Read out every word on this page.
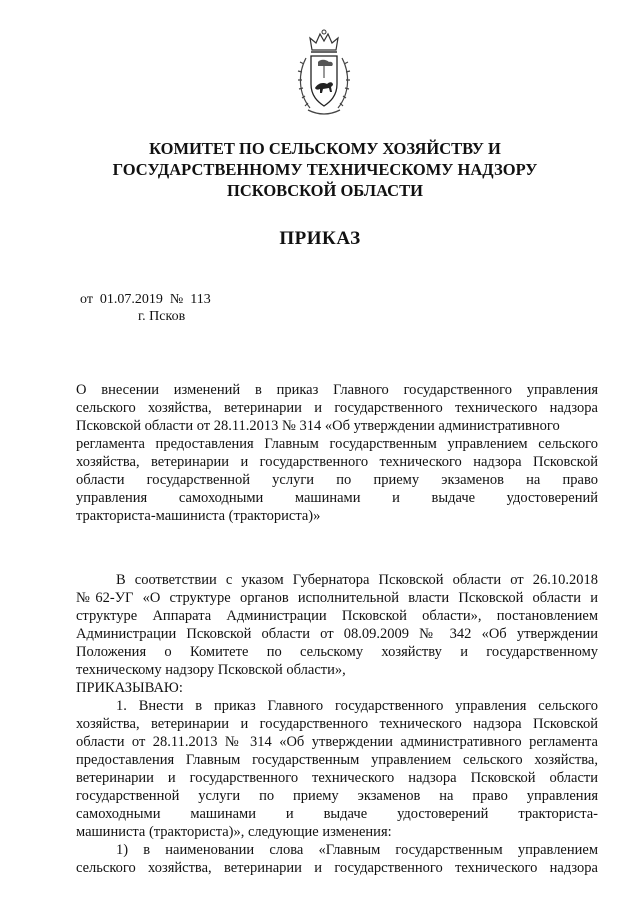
КОМИТЕТ ПО СЕЛЬСКОМУ ХОЗЯЙСТВУ И
ГОСУДАРСТВЕННОМУ ТЕХНИЧЕСКОМУ НАДЗОРУ
ПСКОВСКОЙ ОБЛАСТИ
ПРИКАЗ
от  01.07.2019  №  113
г. Псков
О внесении изменений в приказ Главного государственного управления
сельского хозяйства, ветеринарии и государственного технического надзора
Псковской области от 28.11.2013 № 314 «Об утверждении административного
регламента предоставления Главным государственным управлением сельского
хозяйства, ветеринарии и государственного технического надзора Псковской
области государственной услуги по приему экзаменов на право
управления самоходными машинами и выдаче удостоверений
тракториста-машиниста (тракториста)»
В соответствии с указом Губернатора Псковской области от 26.10.2018
№62-УГ «О структуре органов исполнительной власти Псковской области и
структуре Аппарата Администрации Псковской области», постановлением
Администрации Псковской области от 08.09.2009 № 342 «Об утверждении
Положения о Комитете по сельскому хозяйству и государственному
техническому надзору Псковской области»,
ПРИКАЗЫВАЮ:
1. Внести в приказ Главного государственного управления сельского
хозяйства, ветеринарии и государственного технического надзора Псковской
области от 28.11.2013 № 314 «Об утверждении административного регламента
предоставления Главным государственным управлением сельского хозяйства,
ветеринарии и государственного технического надзора Псковской области
государственной услуги по приему экзаменов на право управления
самоходными машинами и выдаче удостоверений тракториста-
машиниста (тракториста)», следующие изменения:
1) в наименовании слова «Главным государственным управлением
сельского хозяйства, ветеринарии и государственного технического надзора
